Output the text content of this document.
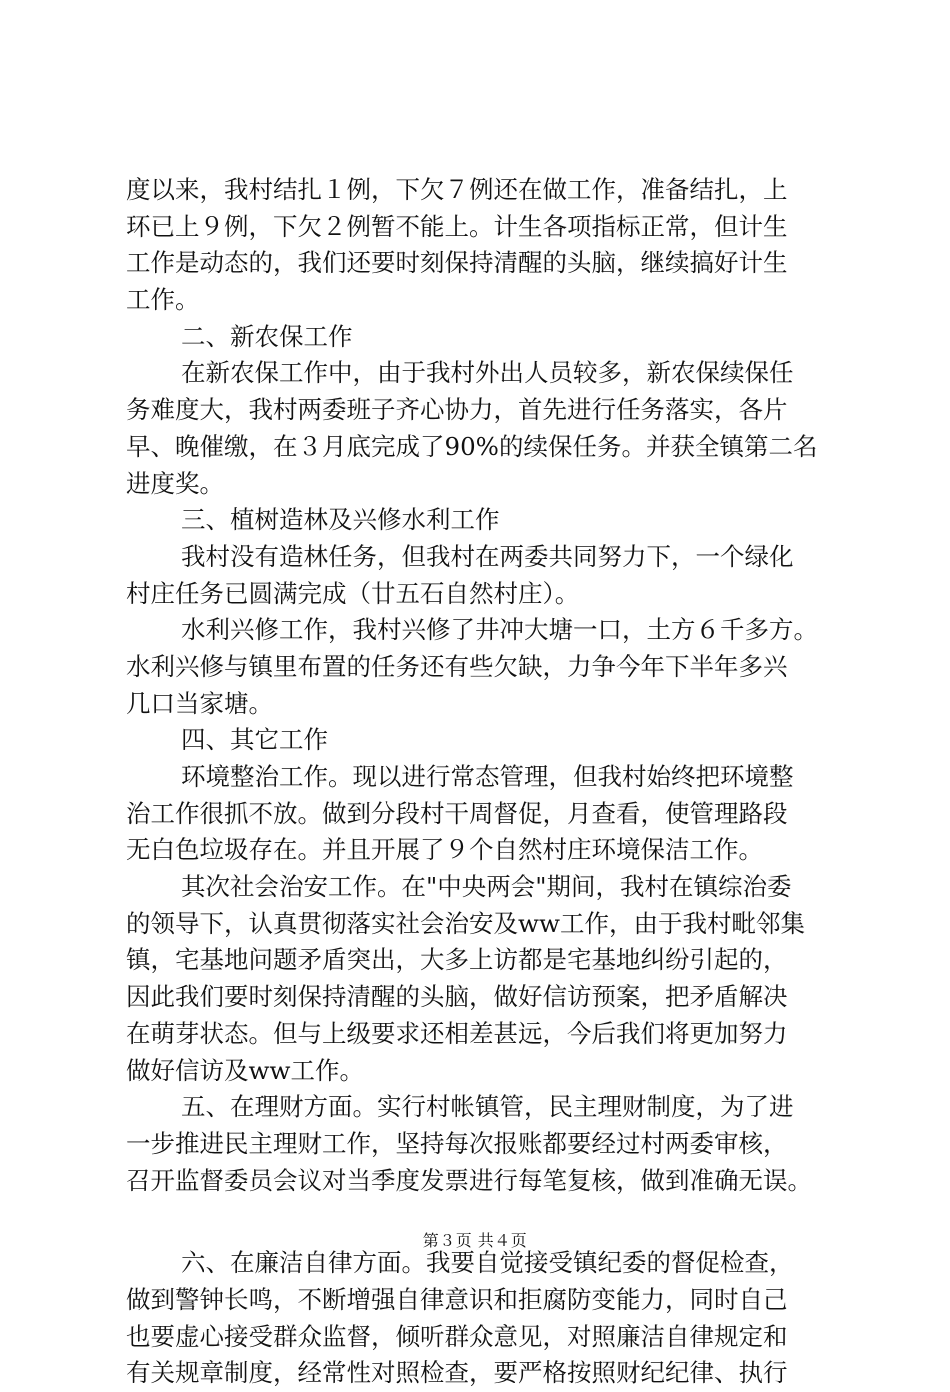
度以来，我村结扎１例，下欠７例还在做工作，准备结扎，上
环已上９例，下欠２例暂不能上。计生各项指标正常，但计生
工作是动态的，我们还要时刻保持清醒的头脑，继续搞好计生
工作。
二、新农保工作
在新农保工作中，由于我村外出人员较多，新农保续保任
务难度大，我村两委班子齐心协力，首先进行任务落实，各片
早、晚催缴，在３月底完成了90%的续保任务。并获全镇第二名
进度奖。
三、植树造林及兴修水利工作
我村没有造林任务，但我村在两委共同努力下，一个绿化
村庄任务已圆满完成（廿五石自然村庄）。
水利兴修工作，我村兴修了井冲大塘一口，土方６千多方。
水利兴修与镇里布置的任务还有些欠缺，力争今年下半年多兴
几口当家塘。
四、其它工作
环境整治工作。现以进行常态管理，但我村始终把环境整
治工作很抓不放。做到分段村干周督促，月查看，使管理路段
无白色垃圾存在。并且开展了９个自然村庄环境保洁工作。
其次社会治安工作。在"中央两会"期间，我村在镇综治委
的领导下，认真贯彻落实社会治安及ww工作，由于我村毗邻集
镇，宅基地问题矛盾突出，大多上访都是宅基地纠纷引起的，
因此我们要时刻保持清醒的头脑，做好信访预案，把矛盾解决
在萌芽状态。但与上级要求还相差甚远，今后我们将更加努力
做好信访及ww工作。
五、在理财方面。实行村帐镇管，民主理财制度，为了进
一步推进民主理财工作，坚持每次报账都要经过村两委审核，
召开监督委员会议对当季度发票进行每笔复核，做到准确无误。
六、在廉洁自律方面。我要自觉接受镇纪委的督促检查，
做到警钟长鸣，不断增强自律意识和拒腐防变能力，同时自己
也要虚心接受群众监督，倾听群众意见，对照廉洁自律规定和
有关规章制度，经常性对照检查，要严格按照财纪纪律、执行
第３页 共４页
